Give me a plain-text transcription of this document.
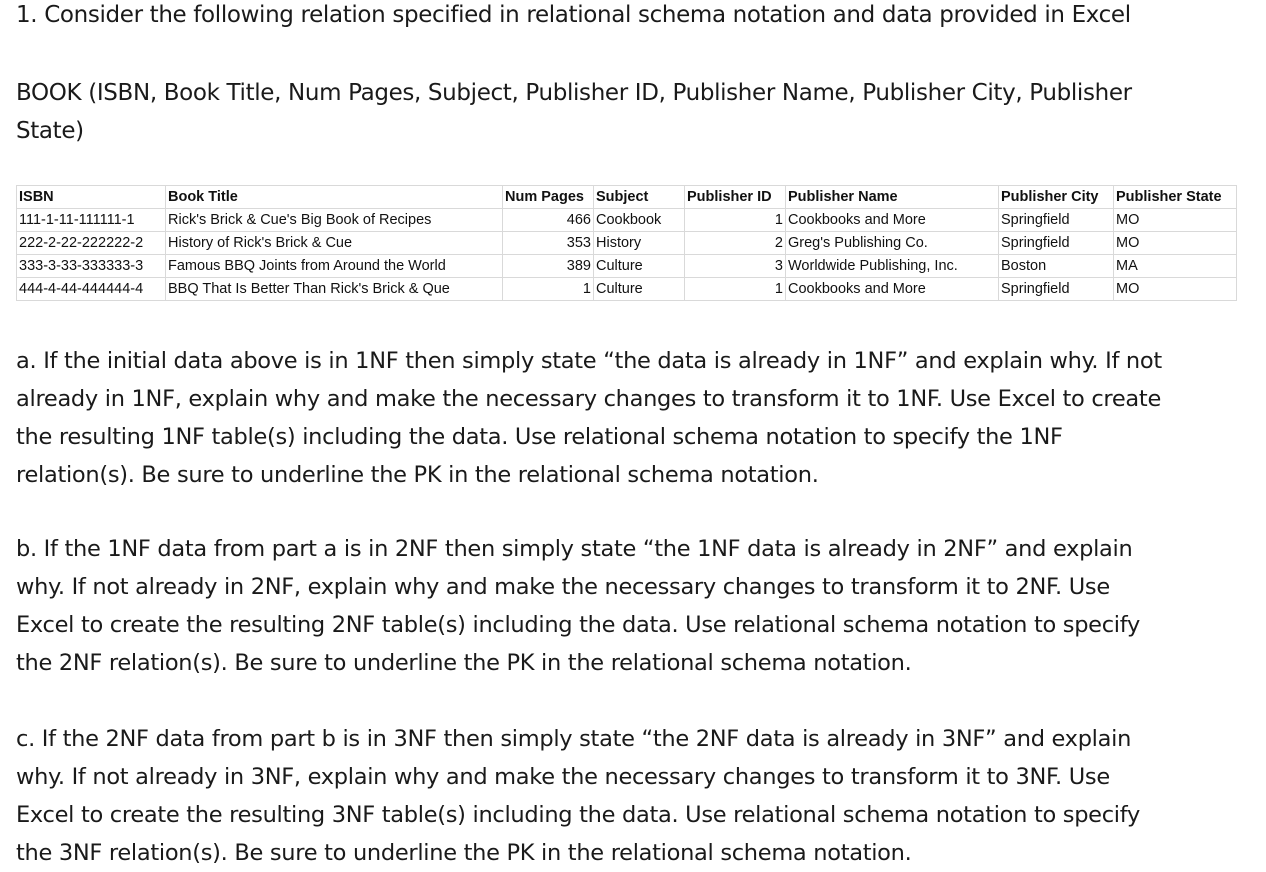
1. Consider the following relation specified in relational schema notation and data provided in Excel
BOOK (ISBN, Book Title, Num Pages, Subject, Publisher ID, Publisher Name, Publisher City, Publisher
State)
ISBN	Book Title	Num Pages	Subject	Publisher ID	Publisher Name	Publisher City	Publisher State
111-1-11-111111-1	Rick's Brick & Cue's Big Book of Recipes	466	Cookbook	1	Cookbooks and More	Springfield	MO
222-2-22-222222-2	History of Rick's Brick & Cue	353	History	2	Greg's Publishing Co.	Springfield	MO
333-3-33-333333-3	Famous BBQ Joints from Around the World	389	Culture	3	Worldwide Publishing, Inc.	Boston	MA
444-4-44-444444-4	BBQ That Is Better Than Rick's Brick & Que	1	Culture	1	Cookbooks and More	Springfield	MO
a. If the initial data above is in 1NF then simply state “the data is already in 1NF” and explain why. If not
already in 1NF, explain why and make the necessary changes to transform it to 1NF. Use Excel to create
the resulting 1NF table(s) including the data. Use relational schema notation to specify the 1NF
relation(s). Be sure to underline the PK in the relational schema notation.
b. If the 1NF data from part a is in 2NF then simply state “the 1NF data is already in 2NF” and explain
why. If not already in 2NF, explain why and make the necessary changes to transform it to 2NF. Use
Excel to create the resulting 2NF table(s) including the data. Use relational schema notation to specify
the 2NF relation(s). Be sure to underline the PK in the relational schema notation.
c. If the 2NF data from part b is in 3NF then simply state “the 2NF data is already in 3NF” and explain
why. If not already in 3NF, explain why and make the necessary changes to transform it to 3NF. Use
Excel to create the resulting 3NF table(s) including the data. Use relational schema notation to specify
the 3NF relation(s). Be sure to underline the PK in the relational schema notation.
